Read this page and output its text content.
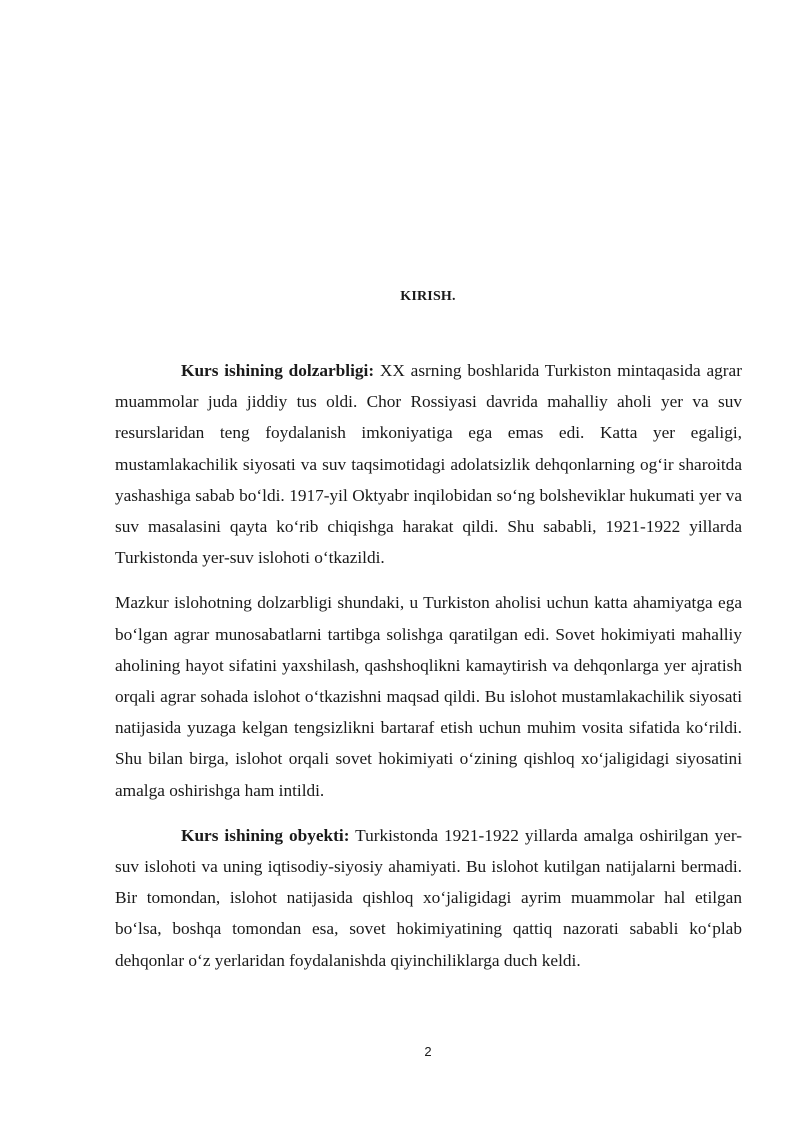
KIRISH.

Kurs ishining dolzarbligi: XX asrning boshlarida Turkiston mintaqasida agrar muammolar juda jiddiy tus oldi. Chor Rossiyasi davrida mahalliy aholi yer va suv resurslaridan teng foydalanish imkoniyatiga ega emas edi. Katta yer egaligi, mustamlakachilik siyosati va suv taqsimotidagi adolatsizlik dehqonlarning og‘ir sharoitda yashashiga sabab bo‘ldi. 1917-yil Oktyabr inqilobidan so‘ng bolsheviklar hukumati yer va suv masalasini qayta ko‘rib chiqishga harakat qildi. Shu sababli, 1921-1922 yillarda Turkistonda yer-suv islohoti o‘tkazildi.

Mazkur islohotning dolzarbligi shundaki, u Turkiston aholisi uchun katta ahamiyatga ega bo‘lgan agrar munosabatlarni tartibga solishga qaratilgan edi. Sovet hokimiyati mahalliy aholining hayot sifatini yaxshilash, qashshoqlikni kamaytirish va dehqonlarga yer ajratish orqali agrar sohada islohot o‘tkazishni maqsad qildi. Bu islohot mustamlakachilik siyosati natijasida yuzaga kelgan tengsizlikni bartaraf etish uchun muhim vosita sifatida ko‘rildi. Shu bilan birga, islohot orqali sovet hokimiyati o‘zining qishloq xo‘jaligidagi siyosatini amalga oshirishga ham intildi.

Kurs ishining obyekti: Turkistonda 1921-1922 yillarda amalga oshirilgan yer-suv islohoti va uning iqtisodiy-siyosiy ahamiyati. Bu islohot kutilgan natijalarni bermadi. Bir tomondan, islohot natijasida qishloq xo‘jaligidagi ayrim muammolar hal etilgan bo‘lsa, boshqa tomondan esa, sovet hokimiyatining qattiq nazorati sababli ko‘plab dehqonlar o‘z yerlaridan foydalanishda qiyinchiliklarga duch keldi.

2
